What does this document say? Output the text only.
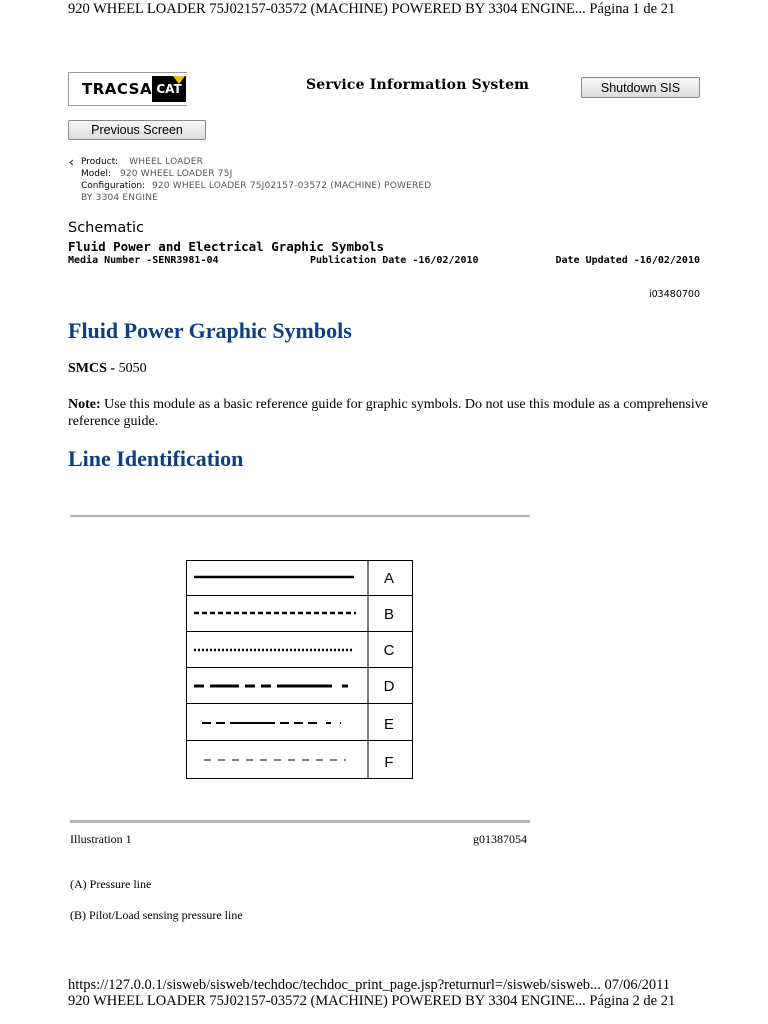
920 WHEEL LOADER 75J02157-03572 (MACHINE) POWERED BY 3304 ENGINE... Página 1 de 21
TRACSA CAT	Service Information System	Shutdown SIS
Previous Screen
Product: WHEEL LOADER
Model: 920 WHEEL LOADER 75J
Configuration: 920 WHEEL LOADER 75J02157-03572 (MACHINE) POWERED
BY 3304 ENGINE
Schematic
Fluid Power and Electrical Graphic Symbols
Media Number -SENR3981-04	Publication Date -16/02/2010	Date Updated -16/02/2010
i03480700
Fluid Power Graphic Symbols
SMCS - 5050
Note: Use this module as a basic reference guide for graphic symbols. Do not use this module as a comprehensive reference guide.
Line Identification
A
B
C
D
E
F
Illustration 1	g01387054
(A) Pressure line
(B) Pilot/Load sensing pressure line
https://127.0.0.1/sisweb/sisweb/techdoc/techdoc_print_page.jsp?returnurl=/sisweb/sisweb... 07/06/2011
920 WHEEL LOADER 75J02157-03572 (MACHINE) POWERED BY 3304 ENGINE... Página 2 de 21
